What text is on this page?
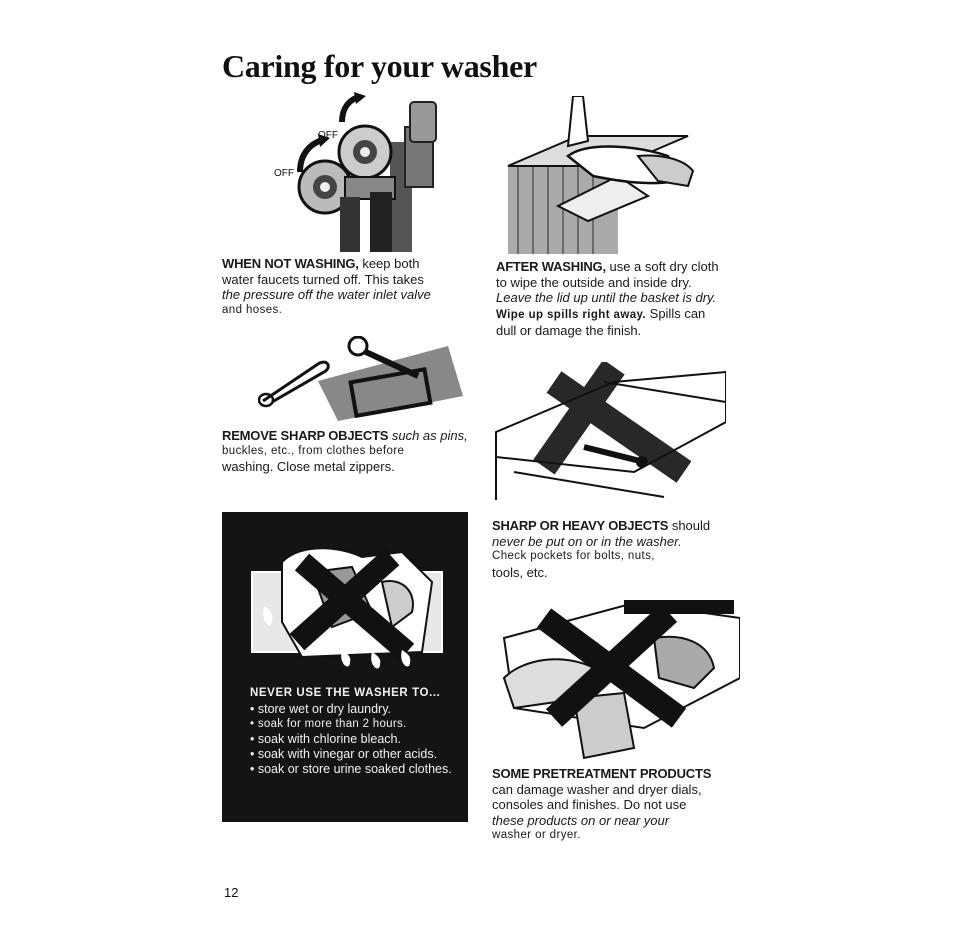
Caring for your washer
OFF
OFF
WHEN NOT WASHING, keep both
water faucets turned off. This takes
the pressure off the water inlet valve
and hoses.
AFTER WASHING, use a soft dry cloth
to wipe the outside and inside dry.
Leave the lid up until the basket is dry.
Wipe up spills right away. Spills can
dull or damage the finish.
REMOVE SHARP OBJECTS such as pins,
buckles, etc., from clothes before
washing. Close metal zippers.
NEVER USE THE WASHER TO...
• store wet or dry laundry.
• soak for more than 2 hours.
• soak with chlorine bleach.
• soak with vinegar or other acids.
• soak or store urine soaked clothes.
SHARP OR HEAVY OBJECTS should
never be put on or in the washer.
Check pockets for bolts, nuts,
tools, etc.
SOME PRETREATMENT PRODUCTS
can damage washer and dryer dials,
consoles and finishes. Do not use
these products on or near your
washer or dryer.
12
